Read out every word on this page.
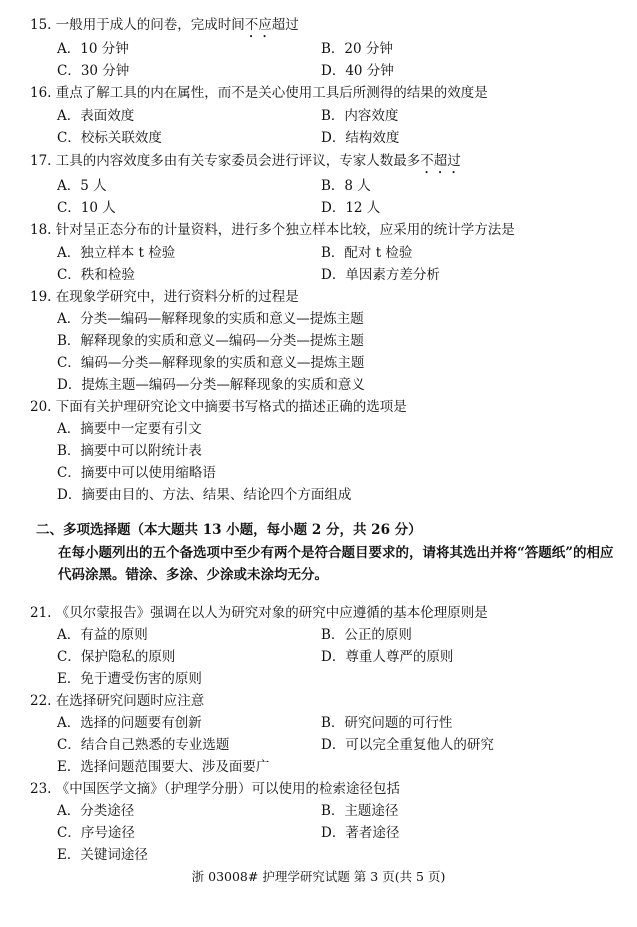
15. 一般用于成人的问卷，完成时间不应超过
A．10 分钟	B．20 分钟
C．30 分钟	D．40 分钟
16. 重点了解工具的内在属性，而不是关心使用工具后所测得的结果的效度是
A．表面效度	B．内容效度
C．校标关联效度	D．结构效度
17. 工具的内容效度多由有关专家委员会进行评议，专家人数最多不超过
A．5 人	B．8 人
C．10 人	D．12 人
18. 针对呈正态分布的计量资料，进行多个独立样本比较，应采用的统计学方法是
A．独立样本 t 检验	B．配对 t 检验
C．秩和检验	D．单因素方差分析
19. 在现象学研究中，进行资料分析的过程是
A．分类—编码—解释现象的实质和意义—提炼主题
B．解释现象的实质和意义—编码—分类—提炼主题
C．编码—分类—解释现象的实质和意义—提炼主题
D．提炼主题—编码—分类—解释现象的实质和意义
20. 下面有关护理研究论文中摘要书写格式的描述正确的选项是
A．摘要中一定要有引文
B．摘要中可以附统计表
C．摘要中可以使用缩略语
D．摘要由目的、方法、结果、结论四个方面组成
二、多项选择题（本大题共 13 小题，每小题 2 分，共 26 分）
在每小题列出的五个备选项中至少有两个是符合题目要求的，请将其选出并将“答题纸”的相应代码涂黑。错涂、多涂、少涂或未涂均无分。
21. 《贝尔蒙报告》强调在以人为研究对象的研究中应遵循的基本伦理原则是
A．有益的原则	B．公正的原则
C．保护隐私的原则	D．尊重人尊严的原则
E．免于遭受伤害的原则
22. 在选择研究问题时应注意
A．选择的问题要有创新	B．研究问题的可行性
C．结合自己熟悉的专业选题	D．可以完全重复他人的研究
E．选择问题范围要大、涉及面要广
23. 《中国医学文摘》（护理学分册）可以使用的检索途径包括
A．分类途径	B．主题途径
C．序号途径	D．著者途径
E．关键词途径
浙 03008# 护理学研究试题 第 3 页(共 5 页)
